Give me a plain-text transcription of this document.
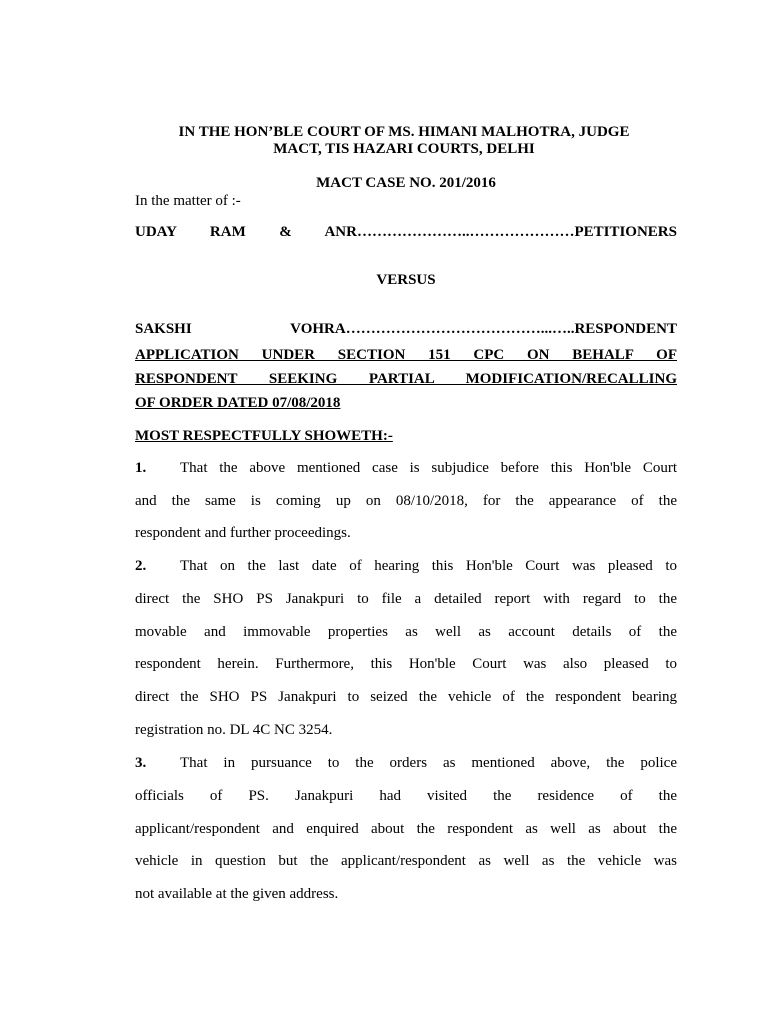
IN THE HON’BLE COURT OF MS. HIMANI MALHOTRA, JUDGE
MACT, TIS HAZARI COURTS, DELHI
MACT CASE NO. 201/2016
In the matter of :-
UDAY RAM & ANR…………………..…………………PETITIONERS
VERSUS
SAKSHI VOHRA…………………………………...…..RESPONDENT
APPLICATION UNDER SECTION 151 CPC ON BEHALF OF
RESPONDENT SEEKING PARTIAL MODIFICATION/RECALLING
OF ORDER DATED 07/08/2018
MOST RESPECTFULLY SHOWETH:-
1. That the above mentioned case is subjudice before this Hon'ble Court
and the same is coming up on 08/10/2018, for the appearance of the
respondent and further proceedings.
2. That on the last date of hearing this Hon'ble Court was pleased to
direct the SHO PS Janakpuri to file a detailed report with regard to the
movable and immovable properties as well as account details of the
respondent herein. Furthermore, this Hon'ble Court was also pleased to
direct the SHO PS Janakpuri to seized the vehicle of the respondent bearing
registration no. DL 4C NC 3254.
3. That in pursuance to the orders as mentioned above, the police
officials of PS. Janakpuri had visited the residence of the
applicant/respondent and enquired about the respondent as well as about the
vehicle in question but the applicant/respondent as well as the vehicle was
not available at the given address.
